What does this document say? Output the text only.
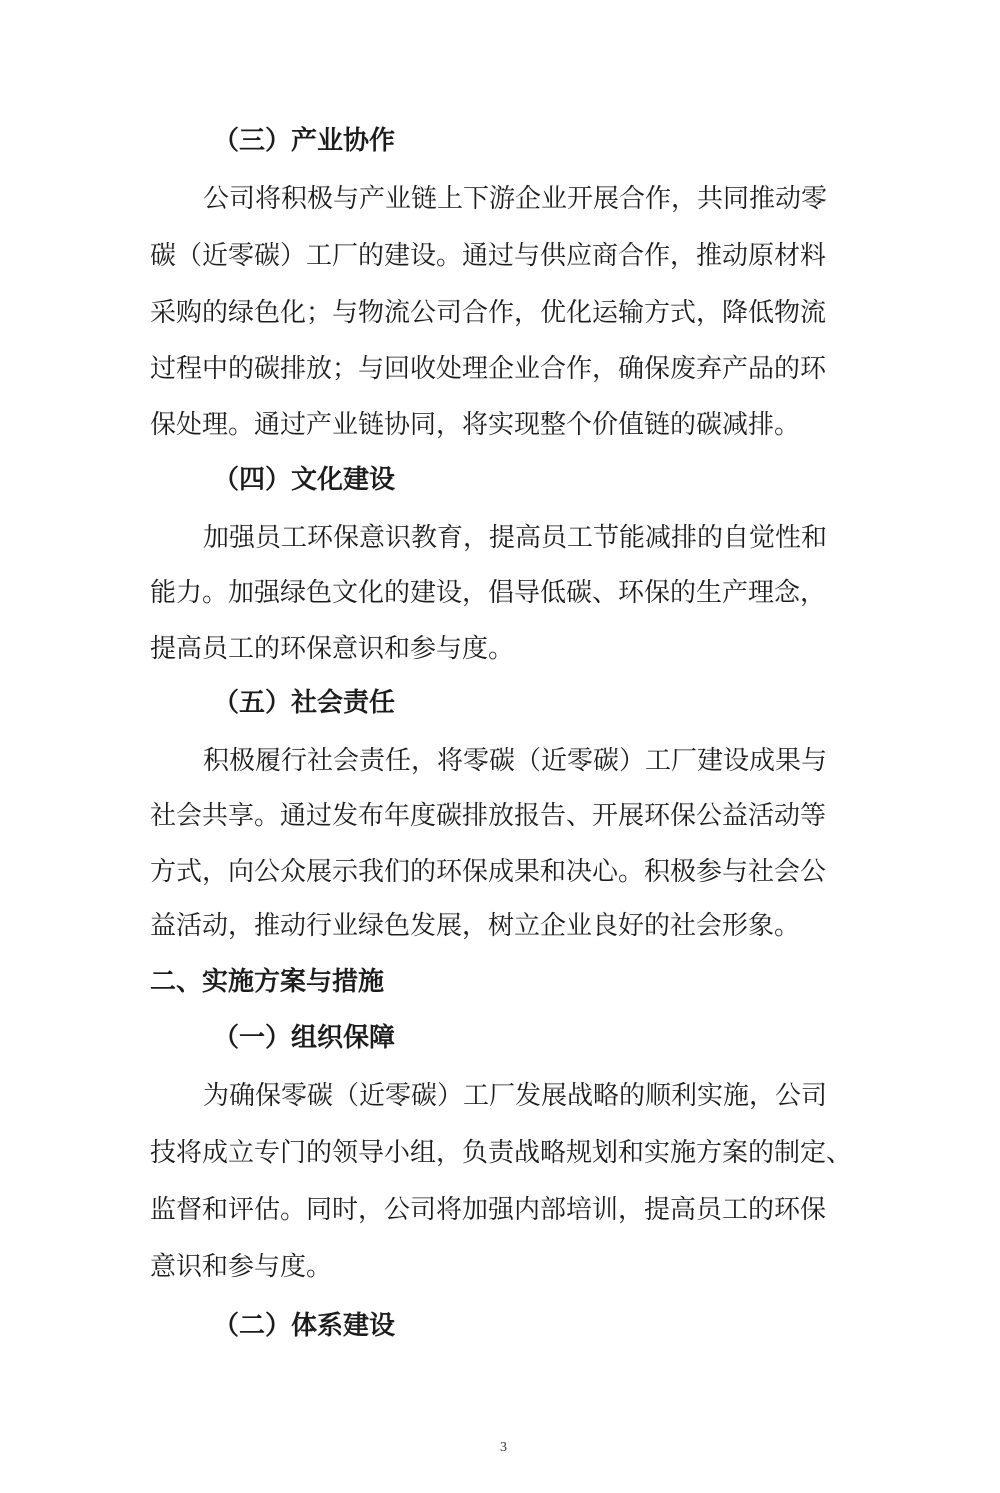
（三）产业协作
公司将积极与产业链上下游企业开展合作，共同推动零
碳（近零碳）工厂的建设。通过与供应商合作，推动原材料
采购的绿色化；与物流公司合作，优化运输方式，降低物流
过程中的碳排放；与回收处理企业合作，确保废弃产品的环
保处理。通过产业链协同，将实现整个价值链的碳减排。
（四）文化建设
加强员工环保意识教育，提高员工节能减排的自觉性和
能力。加强绿色文化的建设，倡导低碳、环保的生产理念，
提高员工的环保意识和参与度。
（五）社会责任
积极履行社会责任，将零碳（近零碳）工厂建设成果与
社会共享。通过发布年度碳排放报告、开展环保公益活动等
方式，向公众展示我们的环保成果和决心。积极参与社会公
益活动，推动行业绿色发展，树立企业良好的社会形象。
二、实施方案与措施
（一）组织保障
为确保零碳（近零碳）工厂发展战略的顺利实施，公司
技将成立专门的领导小组，负责战略规划和实施方案的制定、
监督和评估。同时，公司将加强内部培训，提高员工的环保
意识和参与度。
（二）体系建设
3
